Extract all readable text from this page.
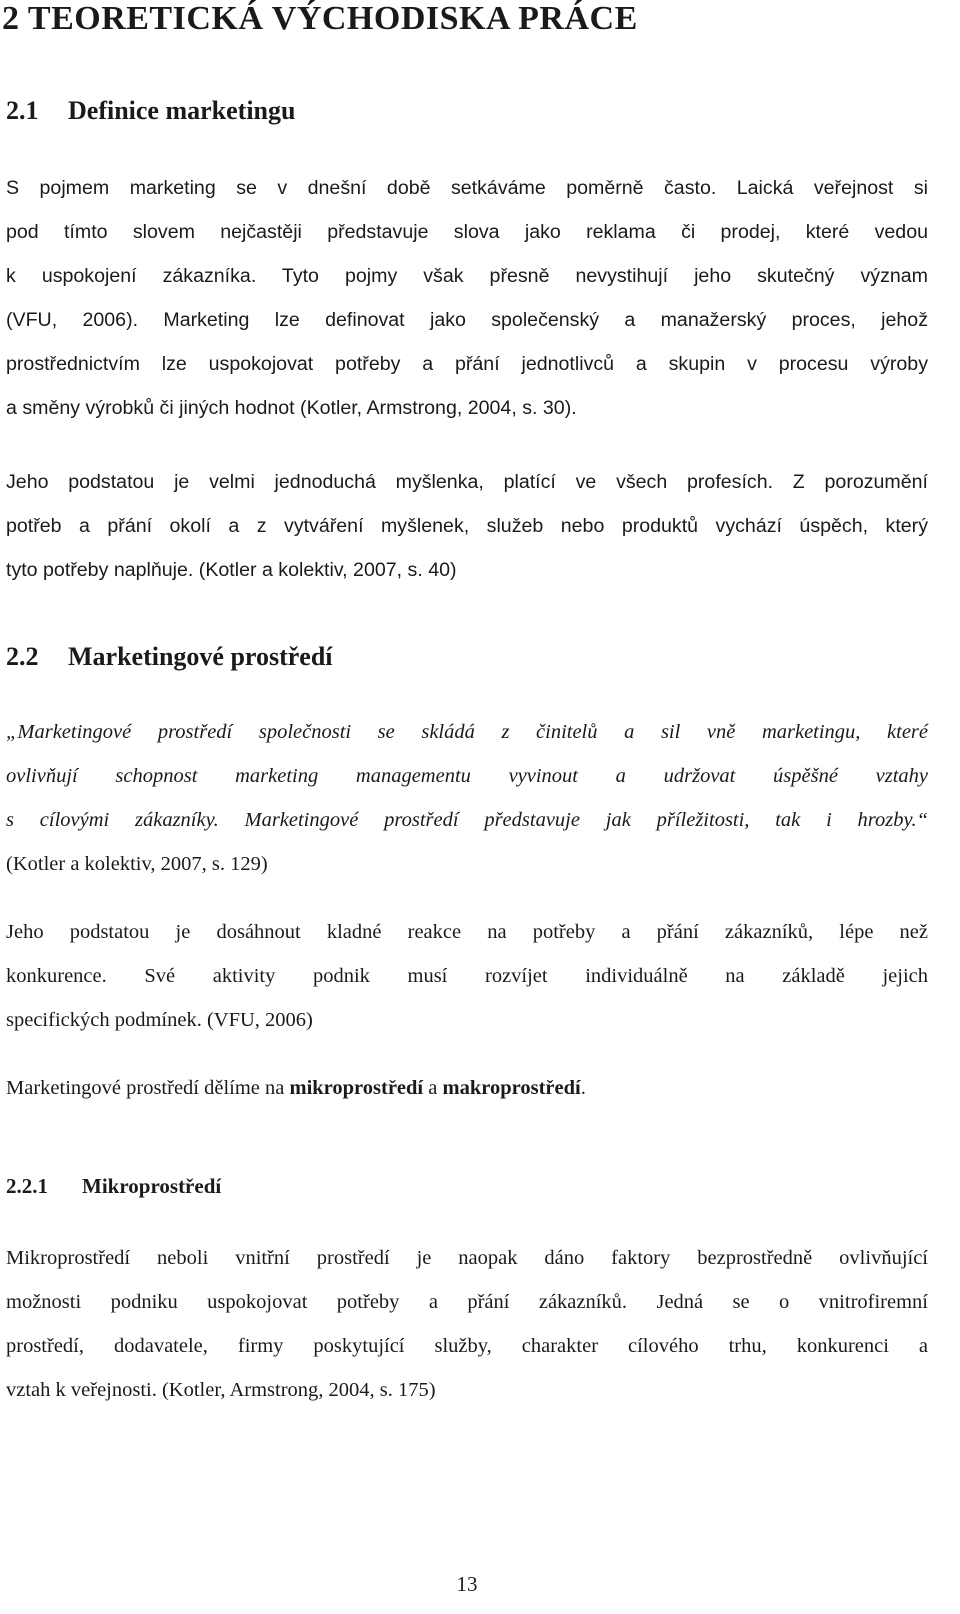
2 TEORETICKÁ VÝCHODISKA PRÁCE
2.1 Definice marketingu
S pojmem marketing se v dnešní době setkáváme poměrně často. Laická veřejnost si
pod tímto slovem nejčastěji představuje slova jako reklama či prodej, které vedou
k uspokojení zákazníka. Tyto pojmy však přesně nevystihují jeho skutečný význam
(VFU, 2006). Marketing lze definovat jako společenský a manažerský proces, jehož
prostřednictvím lze uspokojovat potřeby a přání jednotlivců a skupin v procesu výroby
a směny výrobků či jiných hodnot (Kotler, Armstrong, 2004, s. 30).
Jeho podstatou je velmi jednoduchá myšlenka, platící ve všech profesích. Z porozumění
potřeb a přání okolí a z vytváření myšlenek, služeb nebo produktů vychází úspěch, který
tyto potřeby naplňuje. (Kotler a kolektiv, 2007, s. 40)
2.2 Marketingové prostředí
„Marketingové prostředí společnosti se skládá z činitelů a sil vně marketingu, které
ovlivňují schopnost marketing managementu vyvinout a udržovat úspěšné vztahy
s cílovými zákazníky. Marketingové prostředí představuje jak příležitosti, tak i hrozby.“
(Kotler a kolektiv, 2007, s. 129)
Jeho podstatou je dosáhnout kladné reakce na potřeby a přání zákazníků, lépe než
konkurence. Své aktivity podnik musí rozvíjet individuálně na základě jejich
specifických podmínek. (VFU, 2006)
Marketingové prostředí dělíme na mikroprostředí a makroprostředí.
2.2.1 Mikroprostředí
Mikroprostředí neboli vnitřní prostředí je naopak dáno faktory bezprostředně ovlivňující
možnosti podniku uspokojovat potřeby a přání zákazníků. Jedná se o vnitrofiremní
prostředí, dodavatele, firmy poskytující služby, charakter cílového trhu, konkurenci a
vztah k veřejnosti. (Kotler, Armstrong, 2004, s. 175)
13
